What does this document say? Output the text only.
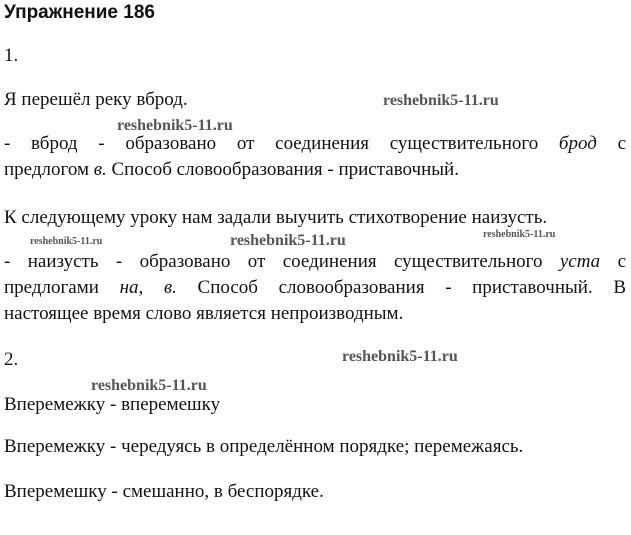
Упражнение 186
1.
Я перешёл реку вброд.
- вброд - образовано от соединения существительного брод с
предлогом в. Способ словообразования - приставочный.
К следующему уроку нам задали выучить стихотворение наизусть.
- наизусть - образовано от соединения существительного уста с
предлогами на, в. Способ словообразования - приставочный. В
настоящее время слово является непроизводным.
2.
Вперемежку - вперемешку
Вперемежку - чередуясь в определённом порядке; перемежаясь.
Вперемешку - смешанно, в беспорядке.
reshebnik5-11.ru
reshebnik5-11.ru
reshebnik5-11.ru	reshebnik5-11.ru	reshebnik5-11.ru
reshebnik5-11.ru
reshebnik5-11.ru
